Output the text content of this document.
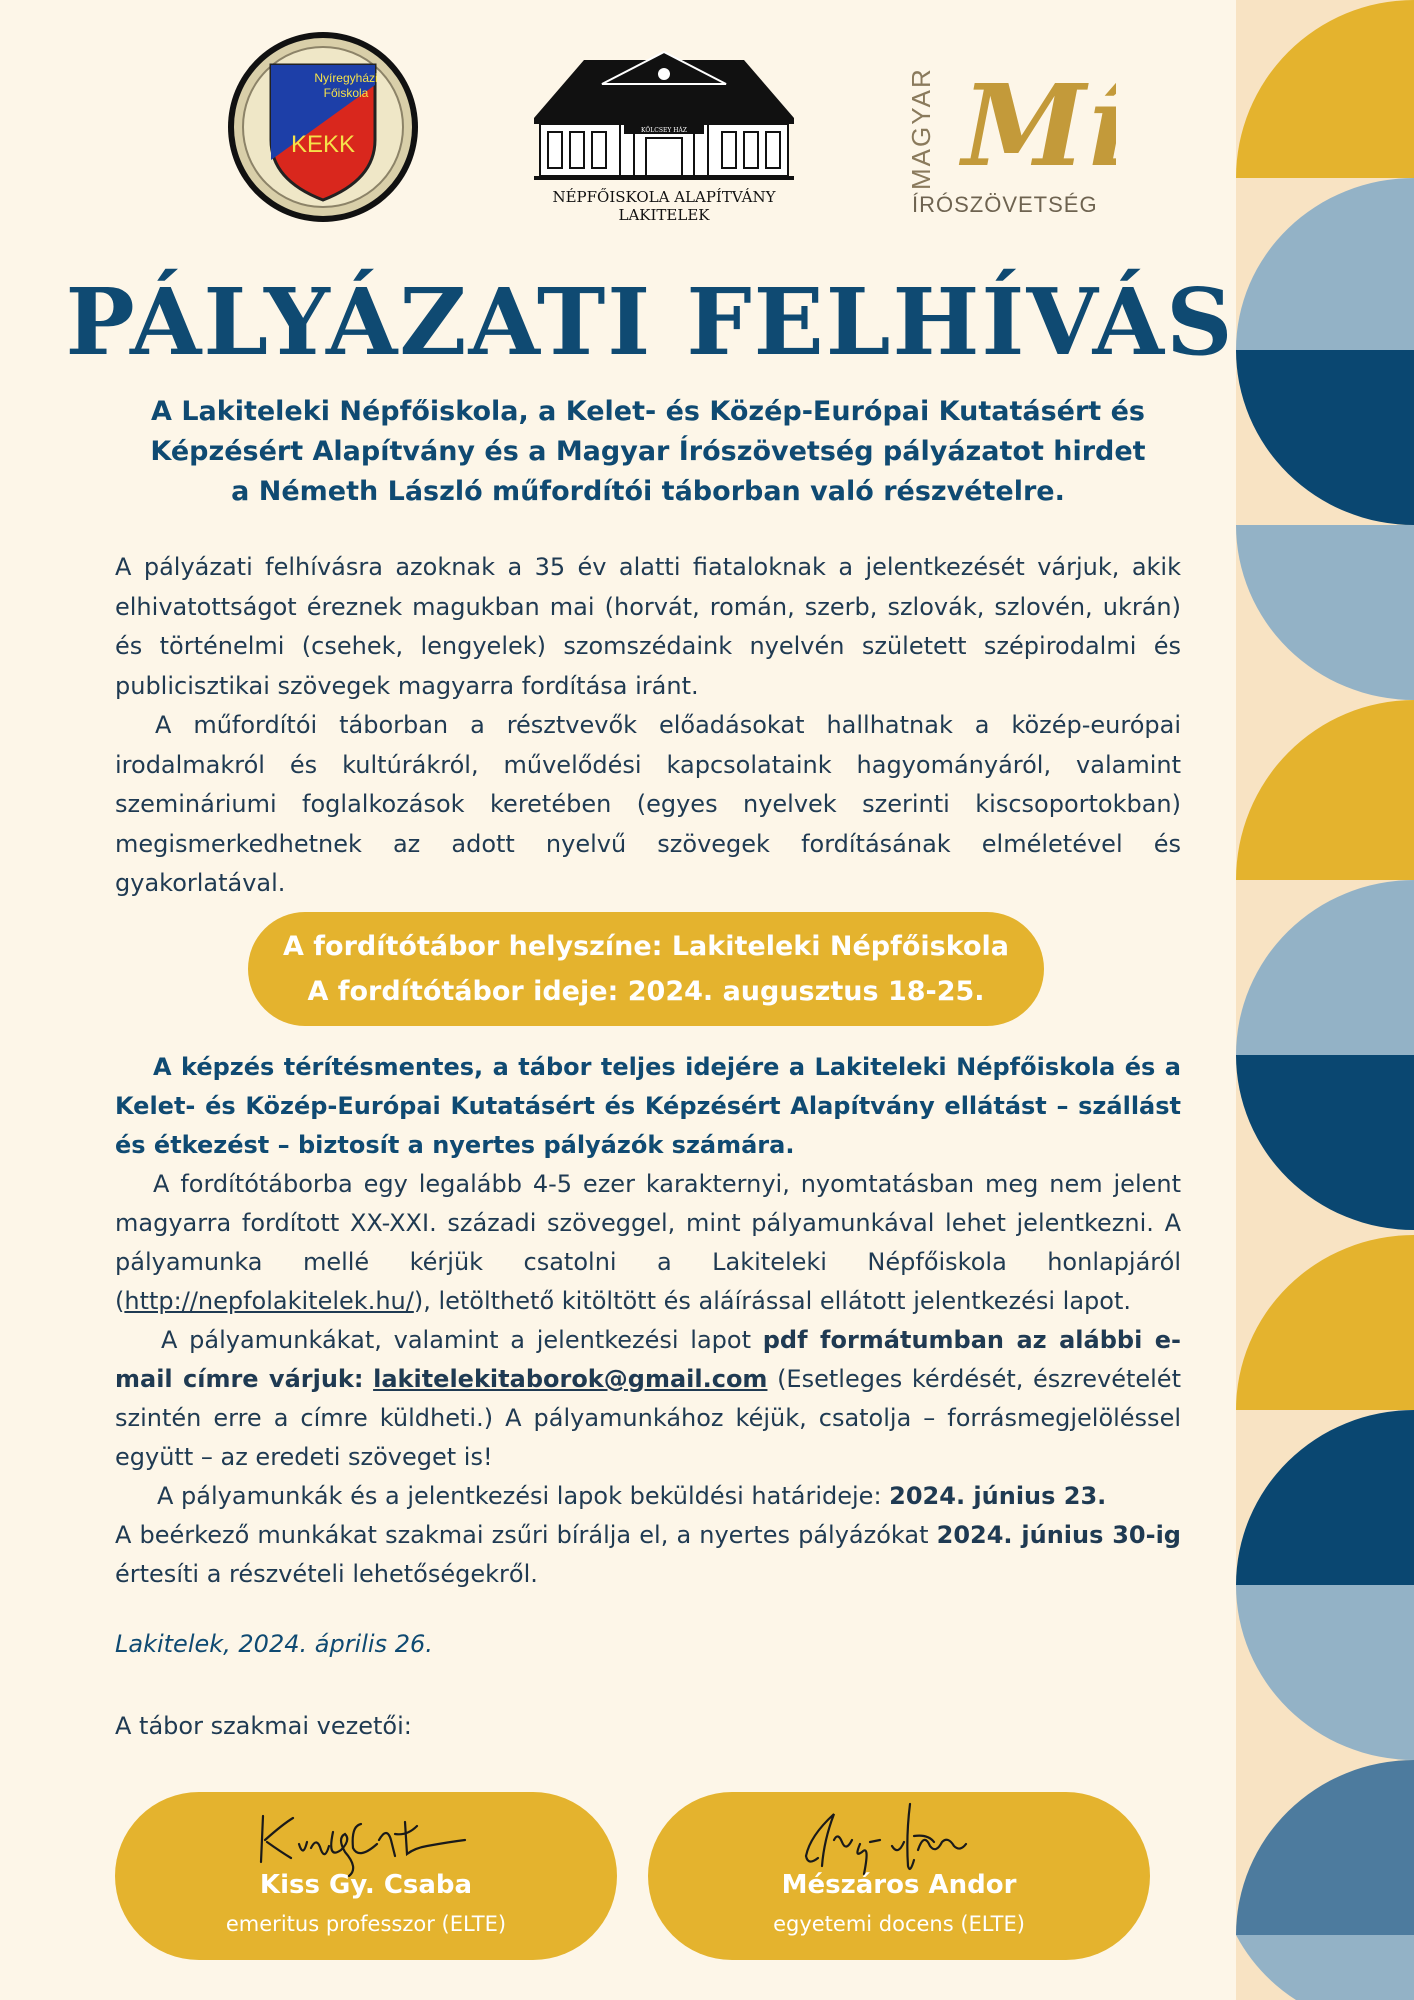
Nyíregyházi
Főiskola
KEKK
KÖLCSEY HÁZ
NÉPFŐISKOLA ALAPÍTVÁNY
LAKITELEK
MAGYAR Mí
ÍRÓSZÖVETSÉG
PÁLYÁZATI FELHÍVÁS
A Lakiteleki Népfőiskola, a Kelet- és Közép-Európai Kutatásért és
Képzésért Alapítvány és a Magyar Írószövetség pályázatot hirdet
a Németh László műfordítói táborban való részvételre.

A pályázati felhívásra azoknak a 35 év alatti fiataloknak a jelentkezését várjuk, akik elhivatottságot éreznek magukban mai (horvát, román, szerb, szlovák, szlovén, ukrán) és történelmi (csehek, lengyelek) szomszédaink nyelvén született szépirodalmi és publicisztikai szövegek magyarra fordítása iránt.

A műfordítói táborban a résztvevők előadásokat hallhatnak a közép-európai irodalmakról és kultúrákról, művelődési kapcsolataink hagyományáról, valamint szemináriumi foglalkozások keretében (egyes nyelvek szerinti kiscsoportokban) megismerkedhetnek az adott nyelvű szövegek fordításának elméletével és gyakorlatával.

A fordítótábor helyszíne: Lakiteleki Népfőiskola
A fordítótábor ideje: 2024. augusztus 18-25.

A képzés térítésmentes, a tábor teljes idejére a Lakiteleki Népfőiskola és a Kelet- és Közép-Európai Kutatásért és Képzésért Alapítvány ellátást – szállást és étkezést – biztosít a nyertes pályázók számára.

A fordítótáborba egy legalább 4-5 ezer karakternyi, nyomtatásban meg nem jelent magyarra fordított XX-XXI. századi szöveggel, mint pályamunkával lehet jelentkezni. A pályamunka mellé kérjük csatolni a Lakiteleki Népfőiskola honlapjáról (http://nepfolakitelek.hu/), letölthető kitöltött és aláírással ellátott jelentkezési lapot.

A pályamunkákat, valamint a jelentkezési lapot pdf formátumban az alábbi e-mail címre várjuk: lakitelekitaborok@gmail.com (Esetleges kérdését, észrevételét szintén erre a címre küldheti.) A pályamunkához kéjük, csatolja – forrásmegjelöléssel együtt – az eredeti szöveget is!

A pályamunkák és a jelentkezési lapok beküldési határideje: 2024. június 23.

A beérkező munkákat szakmai zsűri bírálja el, a nyertes pályázókat 2024. június 30-ig értesíti a részvételi lehetőségekről.

Lakitelek, 2024. április 26.
A tábor szakmai vezetői:
Kiss Gy. Csaba
emeritus professzor (ELTE)
Mészáros Andor
egyetemi docens (ELTE)
